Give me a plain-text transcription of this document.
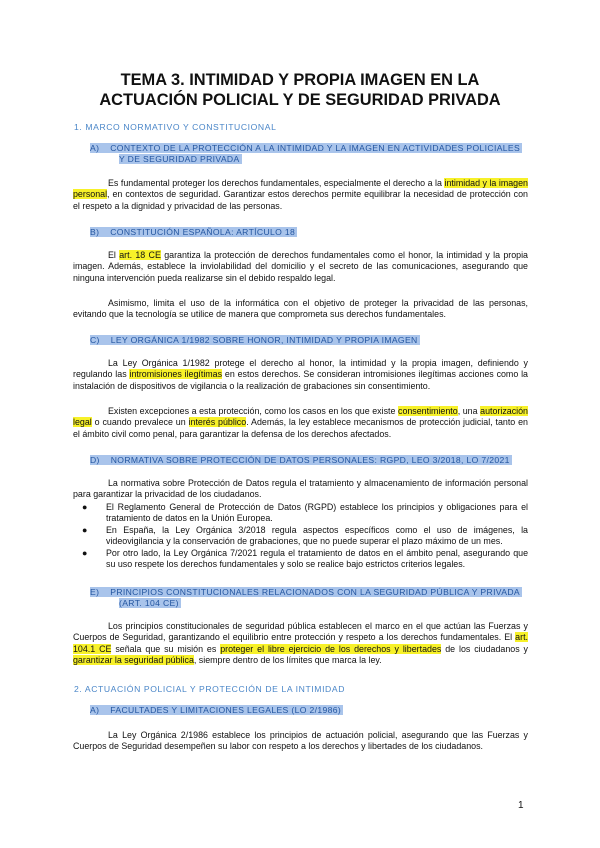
TEMA 3. INTIMIDAD Y PROPIA IMAGEN EN LA ACTUACIÓN POLICIAL Y DE SEGURIDAD PRIVADA
1. MARCO NORMATIVO Y CONSTITUCIONAL
A) CONTEXTO DE LA PROTECCIÓN A LA INTIMIDAD Y LA IMAGEN EN ACTIVIDADES POLICIALES
Y DE SEGURIDAD PRIVADA
Es fundamental proteger los derechos fundamentales, especialmente el derecho a la intimidad y la imagen personal, en contextos de seguridad. Garantizar estos derechos permite equilibrar la necesidad de protección con el respeto a la dignidad y privacidad de las personas.
B) CONSTITUCIÓN ESPAÑOLA: ARTÍCULO 18
El art. 18 CE garantiza la protección de derechos fundamentales como el honor, la intimidad y la propia imagen. Además, establece la inviolabilidad del domicilio y el secreto de las comunicaciones, asegurando que ninguna intervención pueda realizarse sin el debido respaldo legal.
Asimismo, limita el uso de la informática con el objetivo de proteger la privacidad de las personas, evitando que la tecnología se utilice de manera que comprometa sus derechos fundamentales.
C) LEY ORGÁNICA 1/1982 SOBRE HONOR, INTIMIDAD Y PROPIA IMAGEN
La Ley Orgánica 1/1982 protege el derecho al honor, la intimidad y la propia imagen, definiendo y regulando las intromisiones ilegítimas en estos derechos. Se consideran intromisiones ilegítimas acciones como la instalación de dispositivos de vigilancia o la realización de grabaciones sin consentimiento.
Existen excepciones a esta protección, como los casos en los que existe consentimiento, una autorización legal o cuando prevalece un interés público. Además, la ley establece mecanismos de protección judicial, tanto en el ámbito civil como penal, para garantizar la defensa de los derechos afectados.
D) NORMATIVA SOBRE PROTECCIÓN DE DATOS PERSONALES: RGPD, LEO 3/2018, LO 7/2021
La normativa sobre Protección de Datos regula el tratamiento y almacenamiento de información personal para garantizar la privacidad de los ciudadanos.
● El Reglamento General de Protección de Datos (RGPD) establece los principios y obligaciones para el tratamiento de datos en la Unión Europea.
● En España, la Ley Orgánica 3/2018 regula aspectos específicos como el uso de imágenes, la videovigilancia y la conservación de grabaciones, que no puede superar el plazo máximo de un mes.
● Por otro lado, la Ley Orgánica 7/2021 regula el tratamiento de datos en el ámbito penal, asegurando que su uso respete los derechos fundamentales y solo se realice bajo estrictos criterios legales.
E) PRINCIPIOS CONSTITUCIONALES RELACIONADOS CON LA SEGURIDAD PÚBLICA Y PRIVADA
(ART. 104 CE)
Los principios constitucionales de seguridad pública establecen el marco en el que actúan las Fuerzas y Cuerpos de Seguridad, garantizando el equilibrio entre protección y respeto a los derechos fundamentales. El art. 104.1 CE señala que su misión es proteger el libre ejercicio de los derechos y libertades de los ciudadanos y garantizar la seguridad pública, siempre dentro de los límites que marca la ley.
2. ACTUACIÓN POLICIAL Y PROTECCIÓN DE LA INTIMIDAD
A) FACULTADES Y LIMITACIONES LEGALES (LO 2/1986)
La Ley Orgánica 2/1986 establece los principios de actuación policial, asegurando que las Fuerzas y Cuerpos de Seguridad desempeñen su labor con respeto a los derechos y libertades de los ciudadanos.
1
